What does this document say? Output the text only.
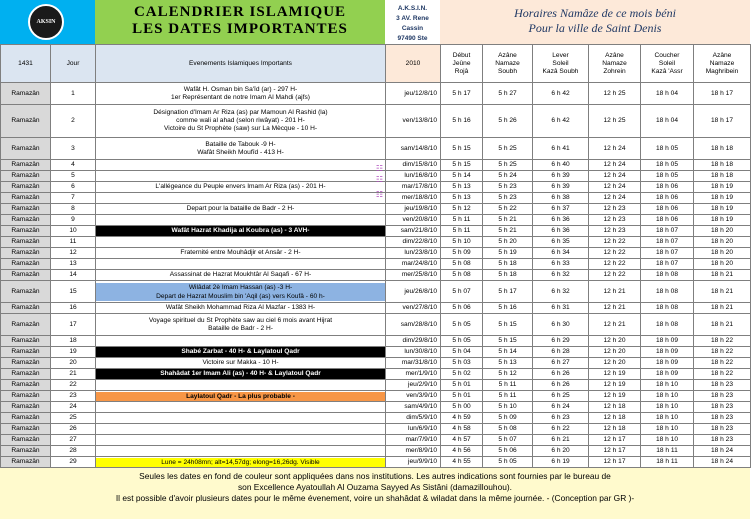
AKSIN
CALENDRIER ISLAMIQUE
LES DATES IMPORTANTES
A.K.S.I.N.
3 AV. Rene Cassin
97490 Ste
Horaires Namâze de ce mois béni
Pour la ville de Saint Denis
1431	Jour	Evenements Islamiques Importants	2010	Début
Jeûne
Rojâ	Azâne
Namaze
Soubh	Lever
Soleil
Kazâ Soubh	Azâne
Namaze
Zohrein	Coucher
Soleil
Kazâ 'Assr	Azâne
Namaze
Maghribein

Ramazân	1	Wafât H. Osman bin Sa'îd (ar) - 297 H-
1er Représentant de notre Imam Al Mahdi (ajfs)	jeu/12/8/10	5 h 17	5 h 27	6 h 42	12 h 25	18 h 04	18 h 17
Ramazân	2	Désignation d'Imam Ar Riza (as) par Mamoun Al Rashid (la)
comme wali al ahad (selon riwâyat) - 201 H-
Victoire du St Prophète (saw) sur La Mècque - 10 H-	ven/13/8/10	5 h 16	5 h 26	6 h 42	12 h 25	18 h 04	18 h 17
Ramazân	3	Bataille de Tabouk -9 H-
Wafât Sheikh Moufîd - 413 H-	sam/14/8/10	5 h 15	5 h 25	6 h 41	12 h 24	18 h 05	18 h 18
Ramazân	4	☷	dim/15/8/10	5 h 15	5 h 25	6 h 40	12 h 24	18 h 05	18 h 18
Ramazân	5	☷	lun/16/8/10	5 h 14	5 h 24	6 h 39	12 h 24	18 h 05	18 h 18
Ramazân	6	L'allégeance du Peuple envers Imam Ar Riza (as) - 201 H-
☷	mar/17/8/10	5 h 13	5 h 23	6 h 39	12 h 24	18 h 06	18 h 19
Ramazân	7		mer/18/8/10	5 h 13	5 h 23	6 h 38	12 h 24	18 h 06	18 h 19
Ramazân	8	Depart pour la bataille de Badr - 2 H-	jeu/19/8/10	5 h 12	5 h 22	6 h 37	12 h 23	18 h 06	18 h 19
Ramazân	9		ven/20/8/10	5 h 11	5 h 21	6 h 36	12 h 23	18 h 06	18 h 19
Ramazân	10	Wafât Hazrat Khadija al Koubra (as) - 3 AVH-	sam/21/8/10	5 h 11	5 h 21	6 h 36	12 h 23	18 h 07	18 h 20
Ramazân	11		dim/22/8/10	5 h 10	5 h 20	6 h 35	12 h 22	18 h 07	18 h 20
Ramazân	12	Fraternité entre Mouhâdjir et Ansâr - 2 H-	lun/23/8/10	5 h 09	5 h 19	6 h 34	12 h 22	18 h 07	18 h 20
Ramazân	13		mar/24/8/10	5 h 08	5 h 18	6 h 33	12 h 22	18 h 07	18 h 20
Ramazân	14	Assassinat de Hazrat Moukhtâr Al Saqafi - 67 H-	mer/25/8/10	5 h 08	5 h 18	6 h 32	12 h 22	18 h 08	18 h 21
Ramazân	15	Wilâdat 2è Imam Hassan (as) -3 H-
Depart de Hazrat Mouslim bin 'Aqil (as) vers Koufâ - 60 h-	jeu/26/8/10	5 h 07	5 h 17	6 h 32	12 h 21	18 h 08	18 h 21
Ramazân	16	Wafât Sheikh Mohammad Riza Al Mazfar - 1383 H-	ven/27/8/10	5 h 06	5 h 16	6 h 31	12 h 21	18 h 08	18 h 21
Ramazân	17	Voyage spirituel du St Prophète saw au ciel 6 mois avant Hijrat
Bataille de Badr - 2 H-	sam/28/8/10	5 h 05	5 h 15	6 h 30	12 h 21	18 h 08	18 h 21
Ramazân	18		dim/29/8/10	5 h 05	5 h 15	6 h 29	12 h 20	18 h 09	18 h 22
Ramazân	19	Shabé Zarbat - 40 H- & Laylatoul Qadr	lun/30/8/10	5 h 04	5 h 14	6 h 28	12 h 20	18 h 09	18 h 22
Ramazân	20	Victoire sur Makka - 10 H-	mar/31/8/10	5 h 03	5 h 13	6 h 27	12 h 20	18 h 09	18 h 22
Ramazân	21	Shahâdat 1er Imam Ali (as) - 40 H- & Laylatoul Qadr	mer/1/9/10	5 h 02	5 h 12	6 h 26	12 h 19	18 h 09	18 h 22
Ramazân	22		jeu/2/9/10	5 h 01	5 h 11	6 h 26	12 h 19	18 h 10	18 h 23
Ramazân	23	Laylatoul Qadr - La plus probable -	ven/3/9/10	5 h 01	5 h 11	6 h 25	12 h 19	18 h 10	18 h 23
Ramazân	24		sam/4/9/10	5 h 00	5 h 10	6 h 24	12 h 18	18 h 10	18 h 23
Ramazân	25		dim/5/9/10	4 h 59	5 h 09	6 h 23	12 h 18	18 h 10	18 h 23
Ramazân	26		lun/6/9/10	4 h 58	5 h 08	6 h 22	12 h 18	18 h 10	18 h 23
Ramazân	27		mar/7/9/10	4 h 57	5 h 07	6 h 21	12 h 17	18 h 10	18 h 23
Ramazân	28		mer/8/9/10	4 h 56	5 h 06	6 h 20	12 h 17	18 h 11	18 h 24
Ramazân	29	Lune = 24h08mn; alt=14,57dg; elong=16,26dg. Visible	jeu/9/9/10	4 h 55	5 h 05	6 h 19	12 h 17	18 h 11	18 h 24
Seules les dates en fond de couleur sont appliquées dans nos institutions. Les autres indications sont fournies par le bureau de
son Excellence Ayatoullah Al Ouzama Sayyed As Sistâni (damazillouhou).
Il est possible d'avoir plusieurs dates pour le même évenement, voire un shahâdat & wiladat dans la même journée. - (Conception par GR )-
